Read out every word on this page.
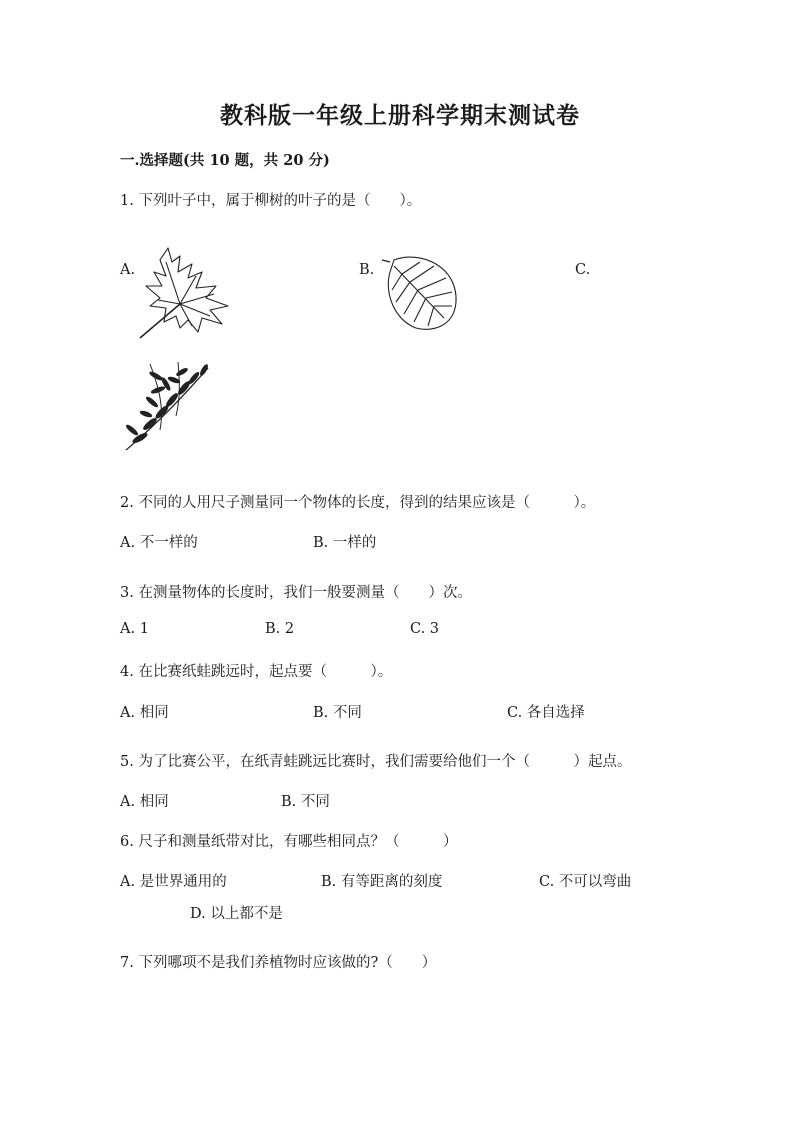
教科版一年级上册科学期末测试卷
一.选择题(共 10 题，共 20 分)
1. 下列叶子中，属于柳树的叶子的是（　　）。
A.	B.	C.
2. 不同的人用尺子测量同一个物体的长度，得到的结果应该是（　　　）。
A. 不一样的	B. 一样的
3. 在测量物体的长度时，我们一般要测量（　　）次。
A. 1	B. 2	C. 3
4. 在比赛纸蛙跳远时，起点要（　　　）。
A. 相同	B. 不同	C. 各自选择
5. 为了比赛公平，在纸青蛙跳远比赛时，我们需要给他们一个（　　　）起点。
A. 相同	B. 不同
6. 尺子和测量纸带对比，有哪些相同点？（　　　）
A. 是世界通用的	B. 有等距离的刻度	C. 不可以弯曲
D. 以上都不是
7. 下列哪项不是我们养植物时应该做的?（　　）
